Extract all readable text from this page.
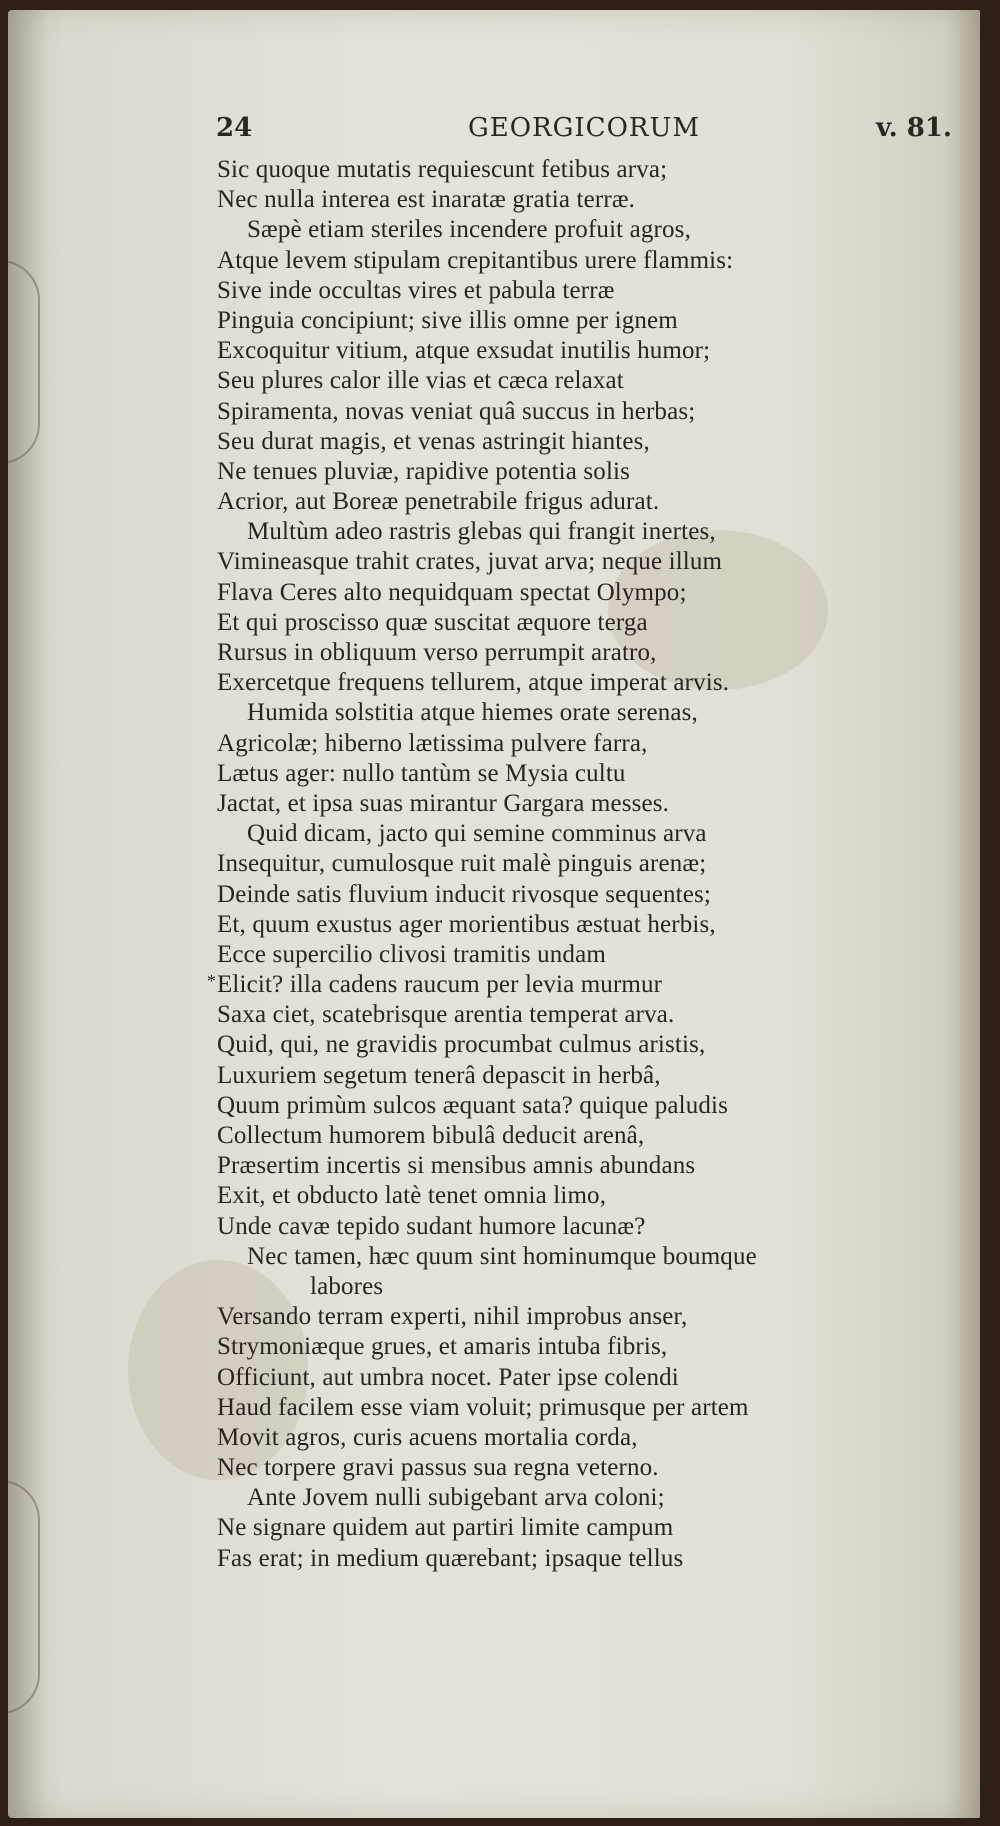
24	GEORGICORUM	v. 81.
Sic quoque mutatis requiescunt fetibus arva;
Nec nulla interea est inaratæ gratia terræ.
Sæpè etiam steriles incendere profuit agros,
Atque levem stipulam crepitantibus urere flammis:
Sive inde occultas vires et pabula terræ
Pinguia concipiunt; sive illis omne per ignem
Excoquitur vitium, atque exsudat inutilis humor;
Seu plures calor ille vias et cæca relaxat
Spiramenta, novas veniat quâ succus in herbas;
Seu durat magis, et venas astringit hiantes,
Ne tenues pluviæ, rapidive potentia solis
Acrior, aut Boreæ penetrabile frigus adurat.
Multùm adeo rastris glebas qui frangit inertes,
Vimineasque trahit crates, juvat arva; neque illum
Flava Ceres alto nequidquam spectat Olympo;
Et qui proscisso quæ suscitat æquore terga
Rursus in obliquum verso perrumpit aratro,
Exercetque frequens tellurem, atque imperat arvis.
Humida solstitia atque hiemes orate serenas,
Agricolæ; hiberno lætissima pulvere farra,
Lætus ager: nullo tantùm se Mysia cultu
Jactat, et ipsa suas mirantur Gargara messes.
Quid dicam, jacto qui semine comminus arva
Insequitur, cumulosque ruit malè pinguis arenæ;
Deinde satis fluvium inducit rivosque sequentes;
Et, quum exustus ager morientibus æstuat herbis,
Ecce supercilio clivosi tramitis undam
* Elicit? illa cadens raucum per levia murmur
Saxa ciet, scatebrisque arentia temperat arva.
Quid, qui, ne gravidis procumbat culmus aristis,
Luxuriem segetum tenerâ depascit in herbâ,
Quum primùm sulcos æquant sata? quique paludis
Collectum humorem bibulâ deducit arenâ,
Præsertim incertis si mensibus amnis abundans
Exit, et obducto latè tenet omnia limo,
Unde cavæ tepido sudant humore lacunæ?
Nec tamen, hæc quum sint hominumque boumque
labores
Versando terram experti, nihil improbus anser,
Strymoniæque grues, et amaris intuba fibris,
Officiunt, aut umbra nocet. Pater ipse colendi
Haud facilem esse viam voluit; primusque per artem
Movit agros, curis acuens mortalia corda,
Nec torpere gravi passus sua regna veterno.
Ante Jovem nulli subigebant arva coloni;
Ne signare quidem aut partiri limite campum
Fas erat; in medium quærebant; ipsaque tellus
